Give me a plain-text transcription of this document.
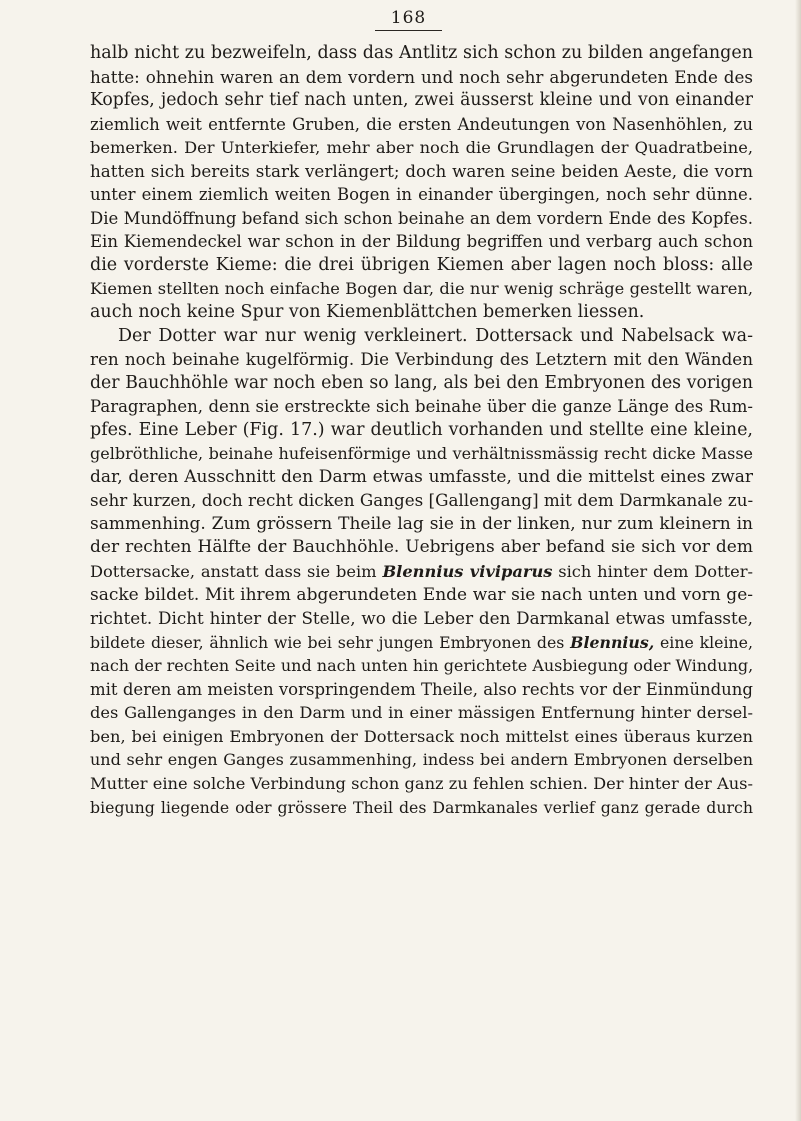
168
halb nicht zu bezweifeln, dass das Antlitz sich schon zu bilden angefangen
hatte: ohnehin waren an dem vordern und noch sehr abgerundeten Ende des
Kopfes, jedoch sehr tief nach unten, zwei äusserst kleine und von einander
ziemlich weit entfernte Gruben, die ersten Andeutungen von Nasenhöhlen, zu
bemerken. Der Unterkiefer, mehr aber noch die Grundlagen der Quadratbeine,
hatten sich bereits stark verlängert; doch waren seine beiden Aeste, die vorn
unter einem ziemlich weiten Bogen in einander übergingen, noch sehr dünne.
Die Mundöffnung befand sich schon beinahe an dem vordern Ende des Kopfes.
Ein Kiemendeckel war schon in der Bildung begriffen und verbarg auch schon
die vorderste Kieme: die drei übrigen Kiemen aber lagen noch bloss: alle
Kiemen stellten noch einfache Bogen dar, die nur wenig schräge gestellt waren,
auch noch keine Spur von Kiemenblättchen bemerken liessen.
Der Dotter war nur wenig verkleinert. Dottersack und Nabelsack wa-
ren noch beinahe kugelförmig. Die Verbindung des Letztern mit den Wänden
der Bauchhöhle war noch eben so lang, als bei den Embryonen des vorigen
Paragraphen, denn sie erstreckte sich beinahe über die ganze Länge des Rum-
pfes. Eine Leber (Fig. 17.) war deutlich vorhanden und stellte eine kleine,
gelbröthliche, beinahe hufeisenförmige und verhältnissmässig recht dicke Masse
dar, deren Ausschnitt den Darm etwas umfasste, und die mittelst eines zwar
sehr kurzen, doch recht dicken Ganges [Gallengang] mit dem Darmkanale zu-
sammenhing. Zum grössern Theile lag sie in der linken, nur zum kleinern in
der rechten Hälfte der Bauchhöhle. Uebrigens aber befand sie sich vor dem
Dottersacke, anstatt dass sie beim Blennius viviparus sich hinter dem Dotter-
sacke bildet. Mit ihrem abgerundeten Ende war sie nach unten und vorn ge-
richtet. Dicht hinter der Stelle, wo die Leber den Darmkanal etwas umfasste,
bildete dieser, ähnlich wie bei sehr jungen Embryonen des Blennius, eine kleine,
nach der rechten Seite und nach unten hin gerichtete Ausbiegung oder Windung,
mit deren am meisten vorspringendem Theile, also rechts vor der Einmündung
des Gallenganges in den Darm und in einer mässigen Entfernung hinter dersel-
ben, bei einigen Embryonen der Dottersack noch mittelst eines überaus kurzen
und sehr engen Ganges zusammenhing, indess bei andern Embryonen derselben
Mutter eine solche Verbindung schon ganz zu fehlen schien. Der hinter der Aus-
biegung liegende oder grössere Theil des Darmkanales verlief ganz gerade durch
